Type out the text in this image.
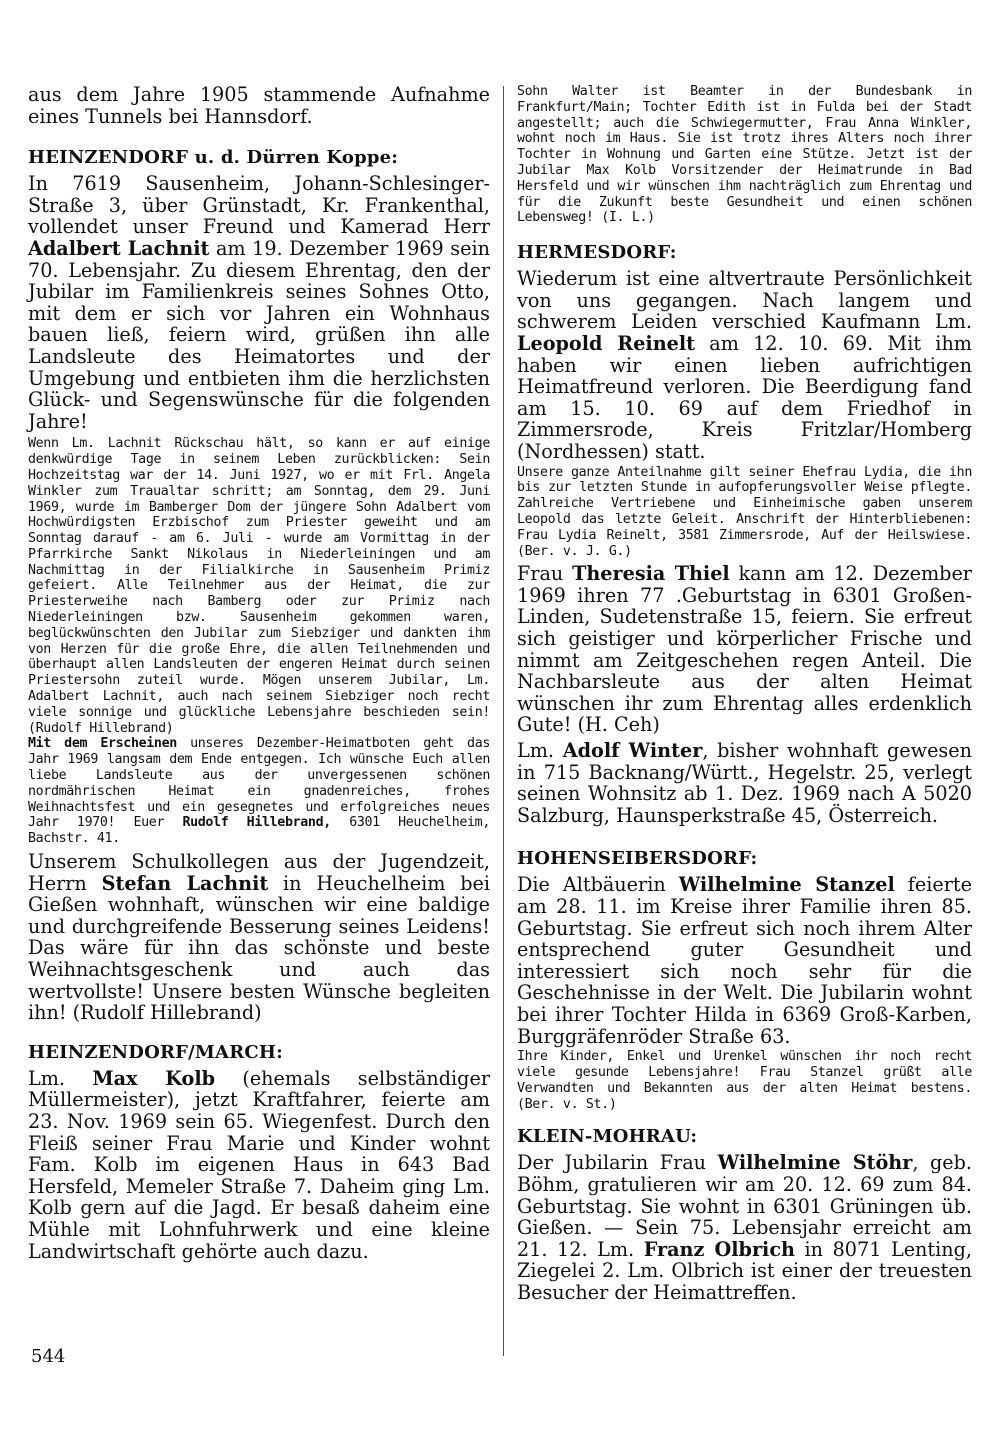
aus dem Jahre 1905 stammende Aufnahme eines Tunnels bei Hannsdorf.

HEINZENDORF u. d. Dürren Koppe:

In 7619 Sausenheim, Johann-Schlesinger-Straße 3, über Grünstadt, Kr. Frankenthal, vollendet unser Freund und Kamerad Herr Adalbert Lachnit am 19. Dezember 1969 sein 70. Lebensjahr. Zu diesem Ehrentag, den der Jubilar im Familienkreis seines Sohnes Otto, mit dem er sich vor Jahren ein Wohnhaus bauen ließ, feiern wird, grüßen ihn alle Landsleute des Heimatortes und der Umgebung und entbieten ihm die herzlichsten Glück- und Segenswünsche für die folgenden Jahre!

Wenn Lm. Lachnit Rückschau hält, so kann er auf einige denkwürdige Tage in seinem Leben zurückblicken: Sein Hochzeitstag war der 14. Juni 1927, wo er mit Frl. Angela Winkler zum Traualtar schritt; am Sonntag, dem 29. Juni 1969, wurde im Bamberger Dom der jüngere Sohn Adalbert vom Hochwürdigsten Erzbischof zum Priester geweiht und am Sonntag darauf - am 6. Juli - wurde am Vormittag in der Pfarrkirche Sankt Nikolaus in Niederleiningen und am Nachmittag in der Filialkirche in Sausenheim Primiz gefeiert. Alle Teilnehmer aus der Heimat, die zur Priesterweihe nach Bamberg oder zur Primiz nach Niederleiningen bzw. Sausenheim gekommen waren, beglückwünschten den Jubilar zum Siebziger und dankten ihm von Herzen für die große Ehre, die allen Teilnehmenden und überhaupt allen Landsleuten der engeren Heimat durch seinen Priestersohn zuteil wurde. Mögen unserem Jubilar, Lm. Adalbert Lachnit, auch nach seinem Siebziger noch recht viele sonnige und glückliche Lebensjahre beschieden sein! (Rudolf Hillebrand)

Mit dem Erscheinen unseres Dezember-Heimatboten geht das Jahr 1969 langsam dem Ende entgegen. Ich wünsche Euch allen liebe Landsleute aus der unvergessenen schönen nordmährischen Heimat ein gnadenreiches, frohes Weihnachtsfest und ein gesegnetes und erfolgreiches neues Jahr 1970! Euer Rudolf Hillebrand, 6301 Heuchelheim, Bachstr. 41.

Unserem Schulkollegen aus der Jugendzeit, Herrn Stefan Lachnit in Heuchelheim bei Gießen wohnhaft, wünschen wir eine baldige und durchgreifende Besserung seines Leidens! Das wäre für ihn das schönste und beste Weihnachtsgeschenk und auch das wertvollste! Unsere besten Wünsche begleiten ihn! (Rudolf Hillebrand)

HEINZENDORF/MARCH:

Lm. Max Kolb (ehemals selbständiger Müllermeister), jetzt Kraftfahrer, feierte am 23. Nov. 1969 sein 65. Wiegenfest. Durch den Fleiß seiner Frau Marie und Kinder wohnt Fam. Kolb im eigenen Haus in 643 Bad Hersfeld, Memeler Straße 7. Daheim ging Lm. Kolb gern auf die Jagd. Er besaß daheim eine Mühle mit Lohnfuhrwerk und eine kleine Landwirtschaft gehörte auch dazu.

Sohn Walter ist Beamter in der Bundesbank in Frankfurt/Main; Tochter Edith ist in Fulda bei der Stadt angestellt; auch die Schwiegermutter, Frau Anna Winkler, wohnt noch im Haus. Sie ist trotz ihres Alters noch ihrer Tochter in Wohnung und Garten eine Stütze. Jetzt ist der Jubilar Max Kolb Vorsitzender der Heimatrunde in Bad Hersfeld und wir wünschen ihm nachträglich zum Ehrentag und für die Zukunft beste Gesundheit und einen schönen Lebensweg! (I. L.)

HERMESDORF:

Wiederum ist eine altvertraute Persönlichkeit von uns gegangen. Nach langem und schwerem Leiden verschied Kaufmann Lm. Leopold Reinelt am 12. 10. 69. Mit ihm haben wir einen lieben aufrichtigen Heimatfreund verloren. Die Beerdigung fand am 15. 10. 69 auf dem Friedhof in Zimmersrode, Kreis Fritzlar/Homberg (Nordhessen) statt.

Unsere ganze Anteilnahme gilt seiner Ehefrau Lydia, die ihn bis zur letzten Stunde in aufopferungsvoller Weise pflegte. Zahlreiche Vertriebene und Einheimische gaben unserem Leopold das letzte Geleit. Anschrift der Hinterbliebenen: Frau Lydia Reinelt, 3581 Zimmersrode, Auf der Heilswiese. (Ber. v. J. G.)

Frau Theresia Thiel kann am 12. Dezember 1969 ihren 77 .Geburtstag in 6301 Großen-Linden, Sudetenstraße 15, feiern. Sie erfreut sich geistiger und körperlicher Frische und nimmt am Zeitgeschehen regen Anteil. Die Nachbarsleute aus der alten Heimat wünschen ihr zum Ehrentag alles erdenklich Gute! (H. Ceh)

Lm. Adolf Winter, bisher wohnhaft gewesen in 715 Backnang/Württ., Hegelstr. 25, verlegt seinen Wohnsitz ab 1. Dez. 1969 nach A 5020 Salzburg, Haunsperkstraße 45, Österreich.

HOHENSEIBERSDORF:

Die Altbäuerin Wilhelmine Stanzel feierte am 28. 11. im Kreise ihrer Familie ihren 85. Geburtstag. Sie erfreut sich noch ihrem Alter entsprechend guter Gesundheit und interessiert sich noch sehr für die Geschehnisse in der Welt. Die Jubilarin wohnt bei ihrer Tochter Hilda in 6369 Groß-Karben, Burggräfenröder Straße 63.

Ihre Kinder, Enkel und Urenkel wünschen ihr noch recht viele gesunde Lebensjahre! Frau Stanzel grüßt alle Verwandten und Bekannten aus der alten Heimat bestens. (Ber. v. St.)

KLEIN-MOHRAU:

Der Jubilarin Frau Wilhelmine Stöhr, geb. Böhm, gratulieren wir am 20. 12. 69 zum 84. Geburtstag. Sie wohnt in 6301 Grüningen üb. Gießen. — Sein 75. Lebensjahr erreicht am 21. 12. Lm. Franz Olbrich in 8071 Lenting, Ziegelei 2. Lm. Olbrich ist einer der treuesten Besucher der Heimattreffen.

544
